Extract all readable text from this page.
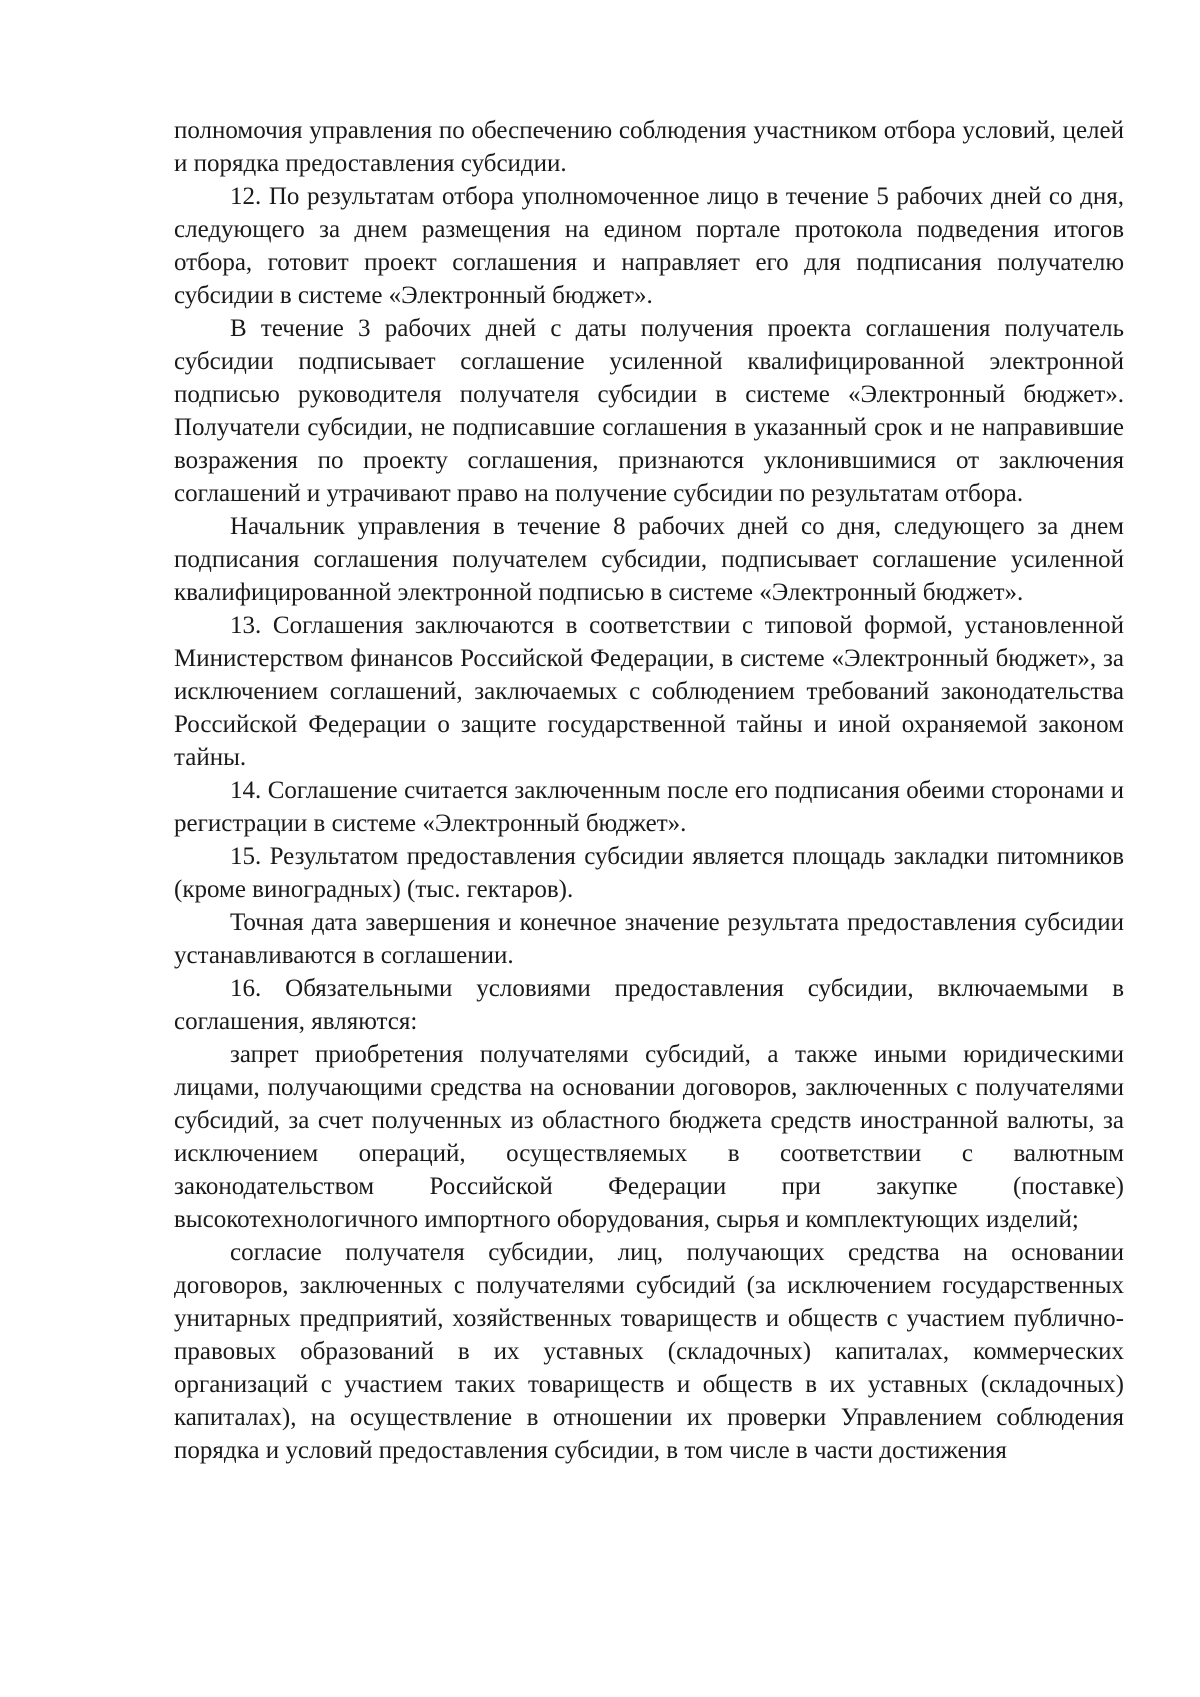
полномочия управления по обеспечению соблюдения участником отбора условий, целей и порядка предоставления субсидии.

12. По результатам отбора уполномоченное лицо в течение 5 рабочих дней со дня, следующего за днем размещения на едином портале протокола подведения итогов отбора, готовит проект соглашения и направляет его для подписания получателю субсидии в системе «Электронный бюджет».

В течение 3 рабочих дней с даты получения проекта соглашения получатель субсидии подписывает соглашение усиленной квалифицированной электронной подписью руководителя получателя субсидии в системе «Электронный бюджет». Получатели субсидии, не подписавшие соглашения в указанный срок и не направившие возражения по проекту соглашения, признаются уклонившимися от заключения соглашений и утрачивают право на получение субсидии по результатам отбора.

Начальник управления в течение 8 рабочих дней со дня, следующего за днем подписания соглашения получателем субсидии, подписывает соглашение усиленной квалифицированной электронной подписью в системе «Электронный бюджет».

13. Соглашения заключаются в соответствии с типовой формой, установленной Министерством финансов Российской Федерации, в системе «Электронный бюджет», за исключением соглашений, заключаемых с соблюдением требований законодательства Российской Федерации о защите государственной тайны и иной охраняемой законом тайны.

14. Соглашение считается заключенным после его подписания обеими сторонами и регистрации в системе «Электронный бюджет».

15. Результатом предоставления субсидии является площадь закладки питомников (кроме виноградных) (тыс. гектаров).

Точная дата завершения и конечное значение результата предоставления субсидии устанавливаются в соглашении.

16. Обязательными условиями предоставления субсидии, включаемыми в соглашения, являются:

запрет приобретения получателями субсидий, а также иными юридическими лицами, получающими средства на основании договоров, заключенных с получателями субсидий, за счет полученных из областного бюджета средств иностранной валюты, за исключением операций, осуществляемых в соответствии с валютным законодательством Российской Федерации при закупке (поставке) высокотехнологичного импортного оборудования, сырья и комплектующих изделий;

согласие получателя субсидии, лиц, получающих средства на основании договоров, заключенных с получателями субсидий (за исключением государственных унитарных предприятий, хозяйственных товариществ и обществ с участием публично-правовых образований в их уставных (складочных) капиталах, коммерческих организаций с участием таких товариществ и обществ в их уставных (складочных) капиталах), на осуществление в отношении их проверки Управлением соблюдения порядка и условий предоставления субсидии, в том числе в части достижения
